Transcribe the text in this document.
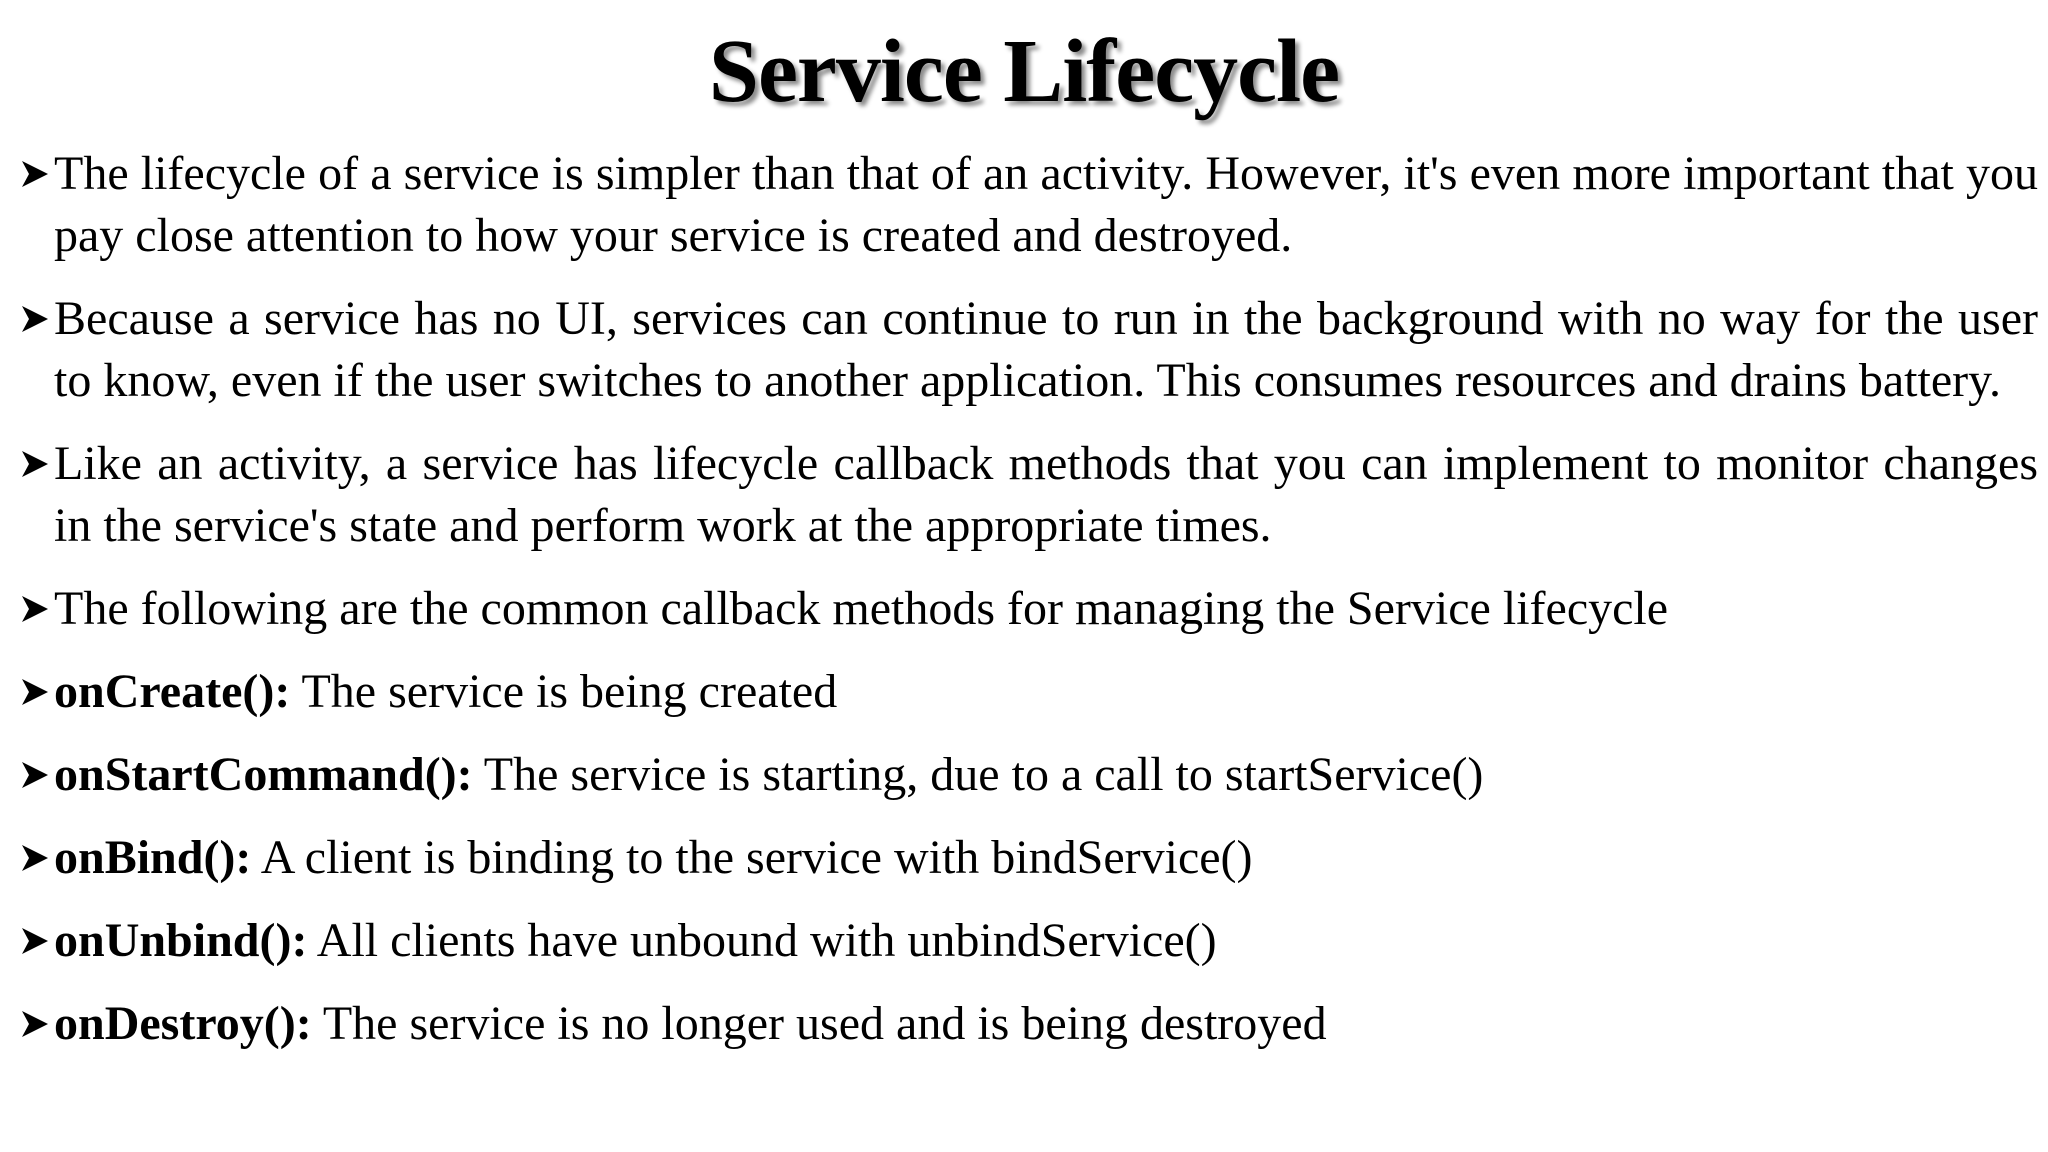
Service Lifecycle
The lifecycle of a service is simpler than that of an activity. However, it's even more important that you pay close attention to how your service is created and destroyed.
Because a service has no UI, services can continue to run in the background with no way for the user to know, even if the user switches to another application. This consumes resources and drains battery.
Like an activity, a service has lifecycle callback methods that you can implement to monitor changes in the service's state and perform work at the appropriate times.
The following are the common callback methods for managing the Service lifecycle
onCreate(): The service is being created
onStartCommand(): The service is starting, due to a call to startService()
onBind(): A client is binding to the service with bindService()
onUnbind(): All clients have unbound with unbindService()
onDestroy(): The service is no longer used and is being destroyed
